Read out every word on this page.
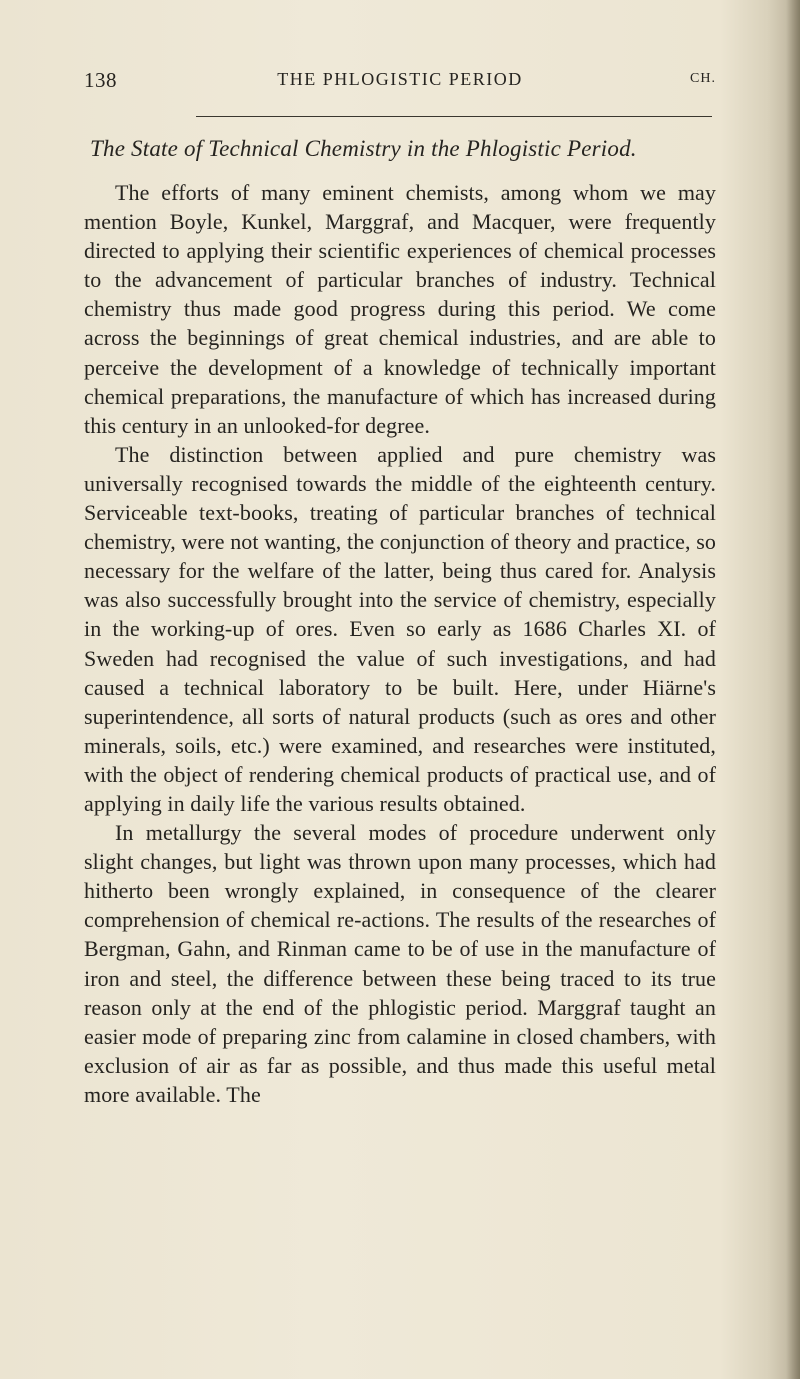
138	THE PHLOGISTIC PERIOD	CH.
The State of Technical Chemistry in the Phlogistic Period.

The efforts of many eminent chemists, among whom we may mention Boyle, Kunkel, Marggraf, and Macquer, were frequently directed to applying their scientific experiences of chemical processes to the advancement of particular branches of industry. Technical chemistry thus made good progress during this period. We come across the beginnings of great chemical industries, and are able to perceive the development of a knowledge of technically important chemical preparations, the manufacture of which has increased during this century in an unlooked-for degree.

The distinction between applied and pure chemistry was universally recognised towards the middle of the eighteenth century. Serviceable text-books, treating of particular branches of technical chemistry, were not wanting, the conjunction of theory and practice, so necessary for the welfare of the latter, being thus cared for. Analysis was also successfully brought into the service of chemistry, especially in the working-up of ores. Even so early as 1686 Charles XI. of Sweden had recognised the value of such investigations, and had caused a technical laboratory to be built. Here, under Hiärne's superintendence, all sorts of natural products (such as ores and other minerals, soils, etc.) were examined, and researches were instituted, with the object of rendering chemical products of practical use, and of applying in daily life the various results obtained.

In metallurgy the several modes of procedure underwent only slight changes, but light was thrown upon many processes, which had hitherto been wrongly explained, in consequence of the clearer comprehension of chemical re-actions. The results of the researches of Bergman, Gahn, and Rinman came to be of use in the manufacture of iron and steel, the difference between these being traced to its true reason only at the end of the phlogistic period. Marggraf taught an easier mode of preparing zinc from calamine in closed chambers, with exclusion of air as far as possible, and thus made this useful metal more available. The
